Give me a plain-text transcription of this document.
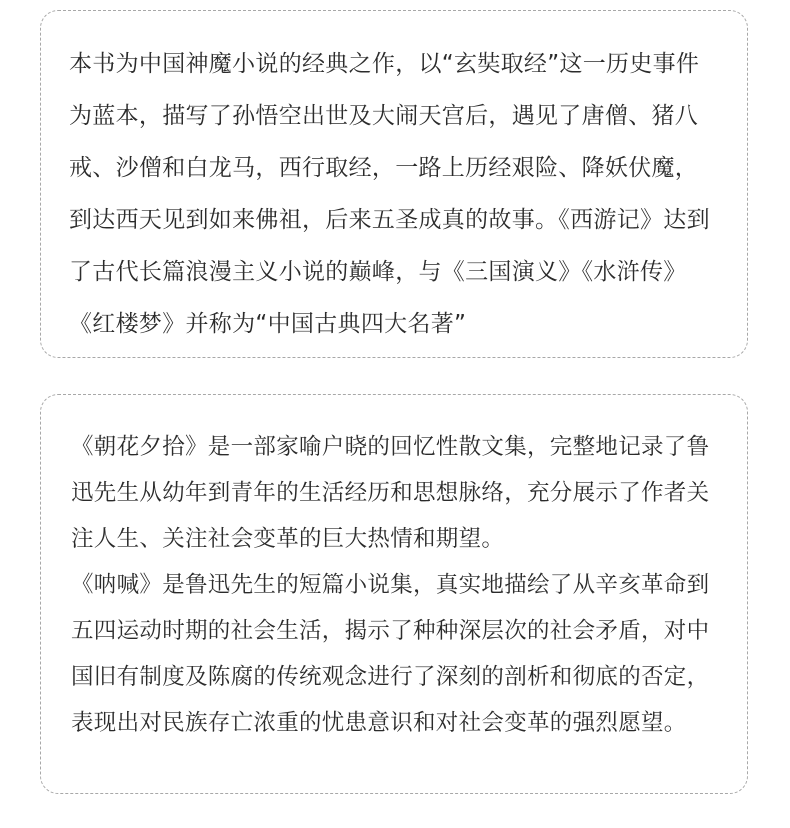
本书为中国神魔小说的经典之作，以“玄奘取经”这一历史事件为蓝本，描写了孙悟空出世及大闹天宫后，遇见了唐僧、猪八戒、沙僧和白龙马，西行取经，一路上历经艰险、降妖伏魔，到达西天见到如来佛祖，后来五圣成真的故事。《西游记》达到了古代长篇浪漫主义小说的巅峰，与《三国演义》《水浒传》《红楼梦》并称为“中国古典四大名著”

《朝花夕拾》是一部家喻户晓的回忆性散文集，完整地记录了鲁迅先生从幼年到青年的生活经历和思想脉络，充分展示了作者关注人生、关注社会变革的巨大热情和期望。

《呐喊》是鲁迅先生的短篇小说集，真实地描绘了从辛亥革命到五四运动时期的社会生活，揭示了种种深层次的社会矛盾，对中国旧有制度及陈腐的传统观念进行了深刻的剖析和彻底的否定，表现出对民族存亡浓重的忧患意识和对社会变革的强烈愿望。
